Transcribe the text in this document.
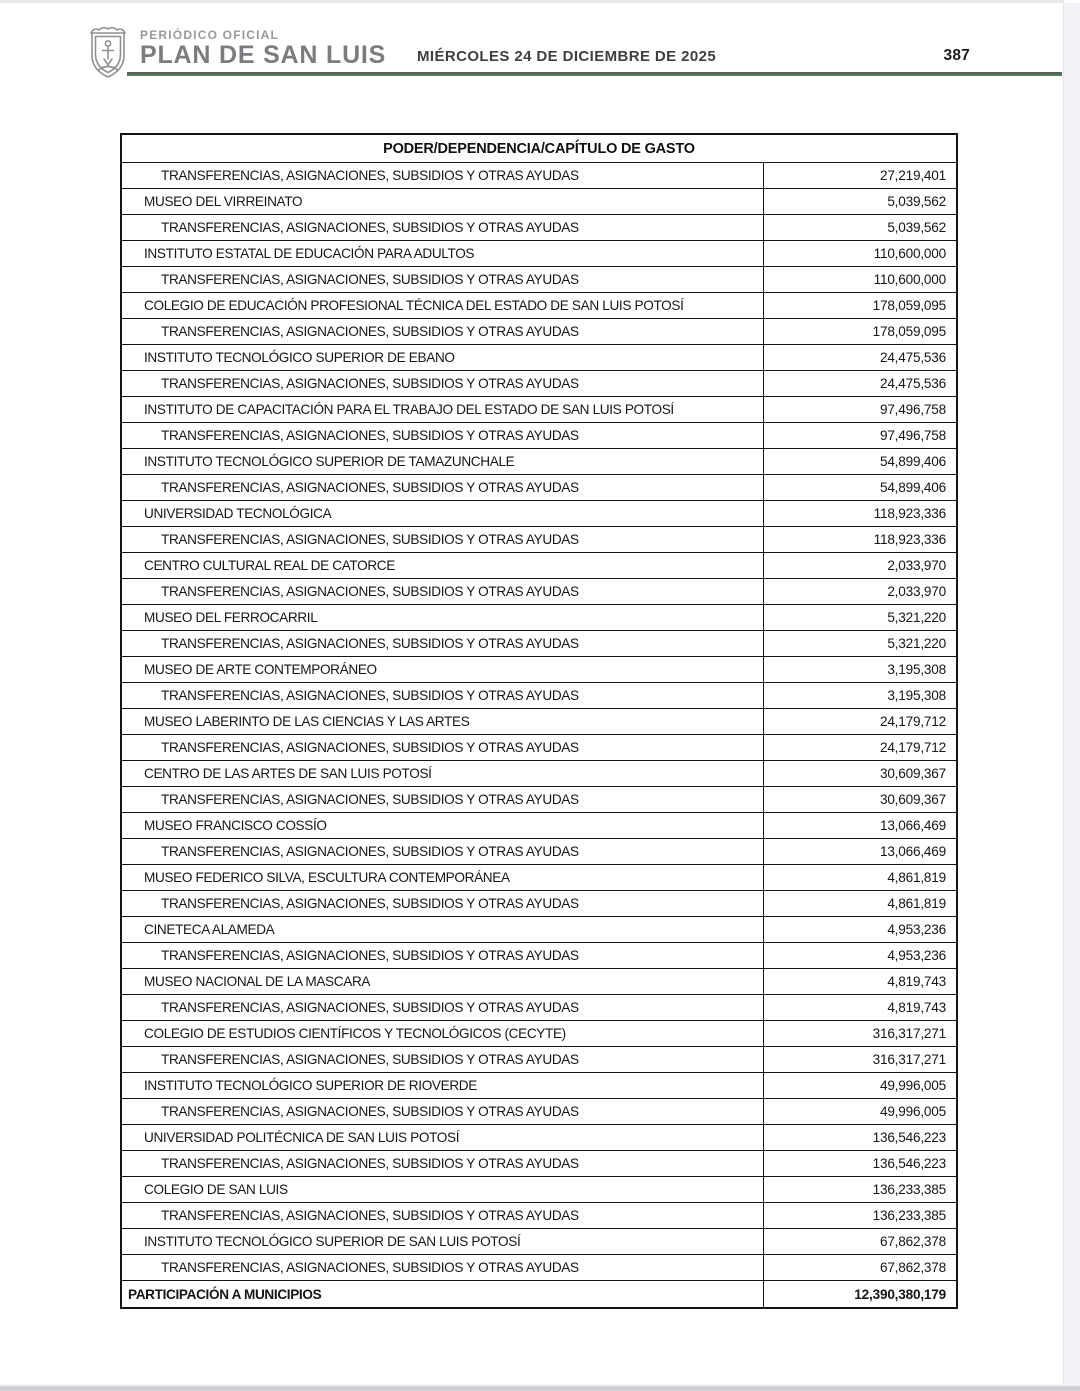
PERIÓDICO OFICIAL
PLAN DE SAN LUIS MIÉRCOLES 24 DE DICIEMBRE DE 2025	387
PODER/DEPENDENCIA/CAPÍTULO DE GASTO
TRANSFERENCIAS, ASIGNACIONES, SUBSIDIOS Y OTRAS AYUDAS	27,219,401
MUSEO DEL VIRREINATO	5,039,562
TRANSFERENCIAS, ASIGNACIONES, SUBSIDIOS Y OTRAS AYUDAS	5,039,562
INSTITUTO ESTATAL DE EDUCACIÓN PARA ADULTOS	110,600,000
TRANSFERENCIAS, ASIGNACIONES, SUBSIDIOS Y OTRAS AYUDAS	110,600,000
COLEGIO DE EDUCACIÓN PROFESIONAL TÉCNICA DEL ESTADO DE SAN LUIS POTOSÍ	178,059,095
TRANSFERENCIAS, ASIGNACIONES, SUBSIDIOS Y OTRAS AYUDAS	178,059,095
INSTITUTO TECNOLÓGICO SUPERIOR DE EBANO	24,475,536
TRANSFERENCIAS, ASIGNACIONES, SUBSIDIOS Y OTRAS AYUDAS	24,475,536
INSTITUTO DE CAPACITACIÓN PARA EL TRABAJO DEL ESTADO DE SAN LUIS POTOSÍ	97,496,758
TRANSFERENCIAS, ASIGNACIONES, SUBSIDIOS Y OTRAS AYUDAS	97,496,758
INSTITUTO TECNOLÓGICO SUPERIOR DE TAMAZUNCHALE	54,899,406
TRANSFERENCIAS, ASIGNACIONES, SUBSIDIOS Y OTRAS AYUDAS	54,899,406
UNIVERSIDAD TECNOLÓGICA	118,923,336
TRANSFERENCIAS, ASIGNACIONES, SUBSIDIOS Y OTRAS AYUDAS	118,923,336
CENTRO CULTURAL REAL DE CATORCE	2,033,970
TRANSFERENCIAS, ASIGNACIONES, SUBSIDIOS Y OTRAS AYUDAS	2,033,970
MUSEO DEL FERROCARRIL	5,321,220
TRANSFERENCIAS, ASIGNACIONES, SUBSIDIOS Y OTRAS AYUDAS	5,321,220
MUSEO DE ARTE CONTEMPORÁNEO	3,195,308
TRANSFERENCIAS, ASIGNACIONES, SUBSIDIOS Y OTRAS AYUDAS	3,195,308
MUSEO LABERINTO DE LAS CIENCIAS Y LAS ARTES	24,179,712
TRANSFERENCIAS, ASIGNACIONES, SUBSIDIOS Y OTRAS AYUDAS	24,179,712
CENTRO DE LAS ARTES DE SAN LUIS POTOSÍ	30,609,367
TRANSFERENCIAS, ASIGNACIONES, SUBSIDIOS Y OTRAS AYUDAS	30,609,367
MUSEO FRANCISCO COSSÍO	13,066,469
TRANSFERENCIAS, ASIGNACIONES, SUBSIDIOS Y OTRAS AYUDAS	13,066,469
MUSEO FEDERICO SILVA, ESCULTURA CONTEMPORÁNEA	4,861,819
TRANSFERENCIAS, ASIGNACIONES, SUBSIDIOS Y OTRAS AYUDAS	4,861,819
CINETECA ALAMEDA	4,953,236
TRANSFERENCIAS, ASIGNACIONES, SUBSIDIOS Y OTRAS AYUDAS	4,953,236
MUSEO NACIONAL DE LA MASCARA	4,819,743
TRANSFERENCIAS, ASIGNACIONES, SUBSIDIOS Y OTRAS AYUDAS	4,819,743
COLEGIO DE ESTUDIOS CIENTÍFICOS Y TECNOLÓGICOS (CECYTE)	316,317,271
TRANSFERENCIAS, ASIGNACIONES, SUBSIDIOS Y OTRAS AYUDAS	316,317,271
INSTITUTO TECNOLÓGICO SUPERIOR DE RIOVERDE	49,996,005
TRANSFERENCIAS, ASIGNACIONES, SUBSIDIOS Y OTRAS AYUDAS	49,996,005
UNIVERSIDAD POLITÉCNICA DE SAN LUIS POTOSÍ	136,546,223
TRANSFERENCIAS, ASIGNACIONES, SUBSIDIOS Y OTRAS AYUDAS	136,546,223
COLEGIO DE SAN LUIS	136,233,385
TRANSFERENCIAS, ASIGNACIONES, SUBSIDIOS Y OTRAS AYUDAS	136,233,385
INSTITUTO TECNOLÓGICO SUPERIOR DE SAN LUIS POTOSÍ	67,862,378
TRANSFERENCIAS, ASIGNACIONES, SUBSIDIOS Y OTRAS AYUDAS	67,862,378
PARTICIPACIÓN A MUNICIPIOS	12,390,380,179
